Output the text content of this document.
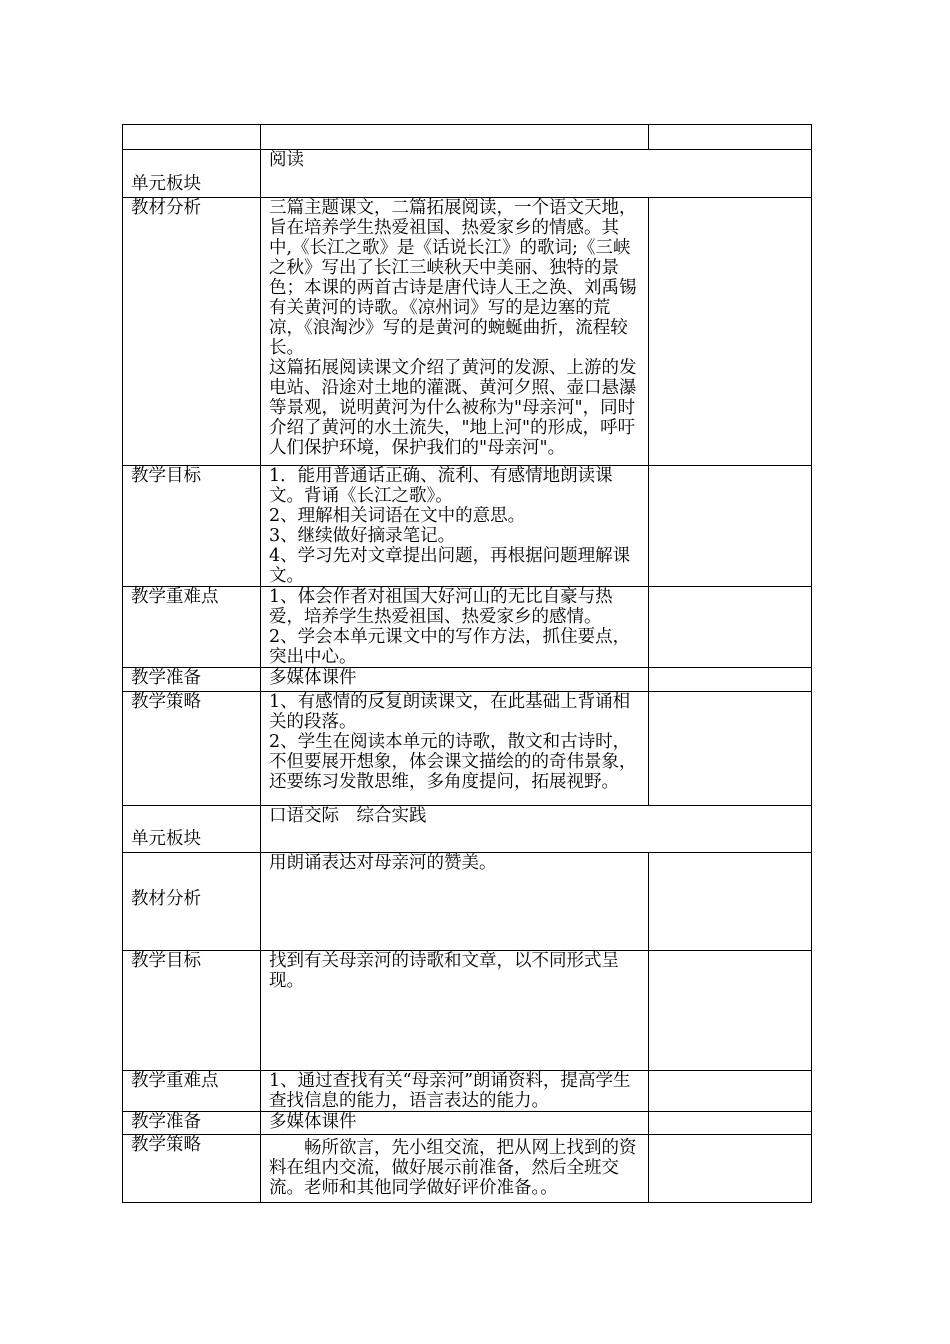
单元板块	阅读	
教材分析	三篇主题课文，二篇拓展阅读，一个语文天地，旨在培养学生热爱祖国、热爱家乡的情感。其中,《长江之歌》是《话说长江》的歌词;《三峡之秋》写出了长江三峡秋天中美丽、独特的景色；本课的两首古诗是唐代诗人王之涣、刘禹锡有关黄河的诗歌。《凉州词》写的是边塞的荒凉，《浪淘沙》写的是黄河的蜿蜒曲折，流程较长。

这篇拓展阅读课文介绍了黄河的发源、上游的发电站、沿途对土地的灌溉、黄河夕照、壶口悬瀑等景观，说明黄河为什么被称为"母亲河"，同时介绍了黄河的水土流失，"地上河"的形成，呼吁人们保护环境，保护我们的"母亲河"。	

教学目标	1．能用普通话正确、流利、有感情地朗读课文。背诵《长江之歌》。

2、理解相关词语在文中的意思。

3、继续做好摘录笔记。

4、学习先对文章提出问题，再根据问题理解课文。	

教学重难点	1、体会作者对祖国大好河山的无比自豪与热爱，培养学生热爱祖国、热爱家乡的感情。

2、学会本单元课文中的写作方法，抓住要点，突出中心。	

教学准备	多媒体课件	

教学策略	1、有感情的反复朗读课文，在此基础上背诵相关的段落。

2、学生在阅读本单元的诗歌，散文和古诗时，不但要展开想象，体会课文描绘的的奇伟景象，还要练习发散思维，多角度提问，拓展视野。	

单元板块	口语交际　综合实践	
教材分析	用朗诵表达对母亲河的赞美。	

教学目标	找到有关母亲河的诗歌和文章，以不同形式呈现。	

教学重难点	1、通过查找有关“母亲河”朗诵资料，提高学生查找信息的能力，语言表达的能力。	

教学准备	多媒体课件	

教学策略	畅所欲言，先小组交流，把从网上找到的资料在组内交流，做好展示前准备，然后全班交流。老师和其他同学做好评价准备。。	
